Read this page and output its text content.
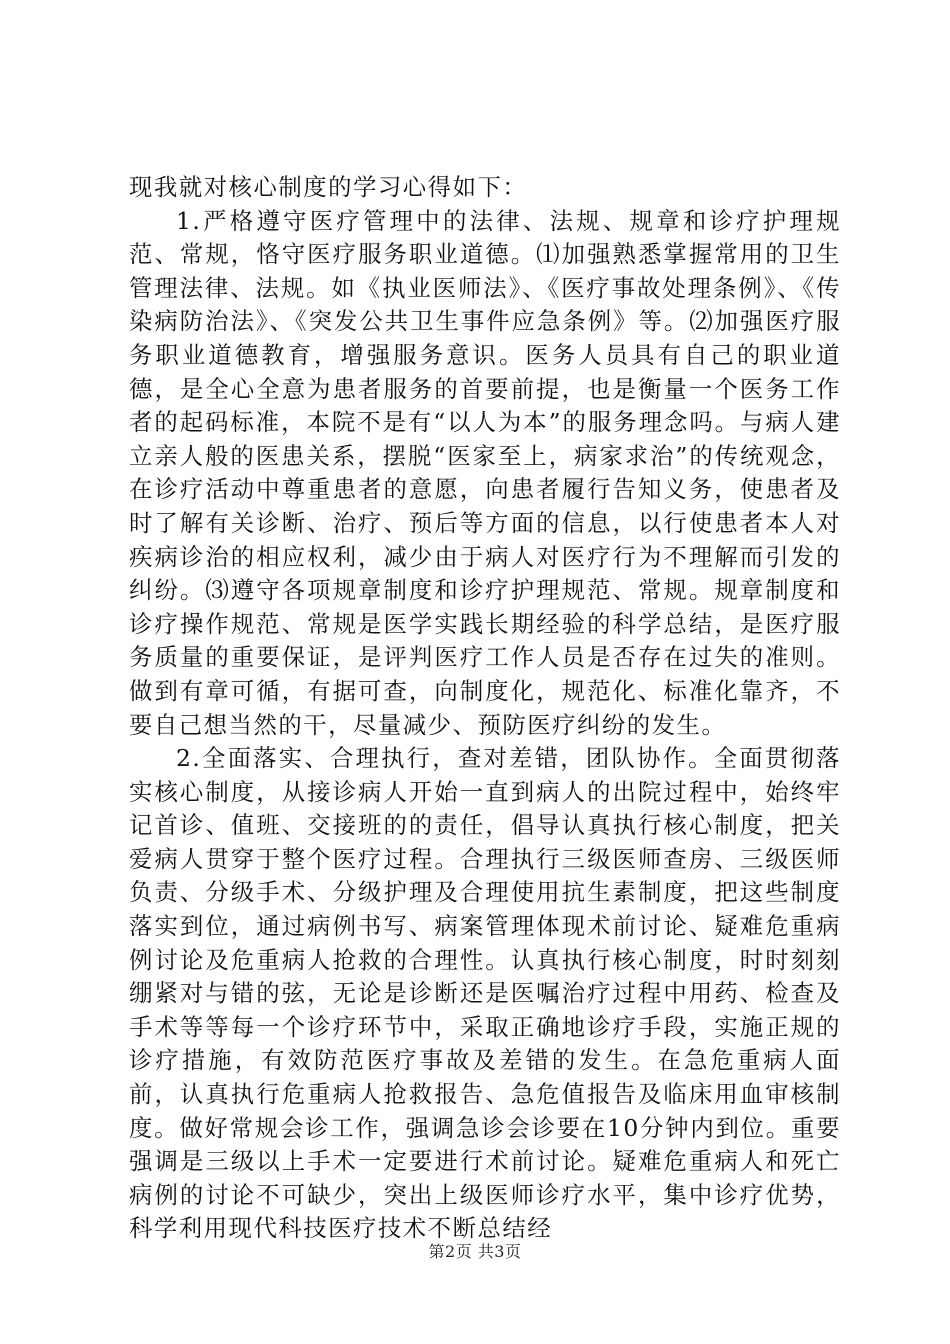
现我就对核心制度的学习心得如下：

1.严格遵守医疗管理中的法律、法规、规章和诊疗护理规范、常规，恪守医疗服务职业道德。⑴加强熟悉掌握常用的卫生管理法律、法规。如《执业医师法》、《医疗事故处理条例》、《传染病防治法》、《突发公共卫生事件应急条例》等。⑵加强医疗服务职业道德教育，增强服务意识。医务人员具有自己的职业道德，是全心全意为患者服务的首要前提，也是衡量一个医务工作者的起码标准，本院不是有“以人为本”的服务理念吗。与病人建立亲人般的医患关系，摆脱“医家至上，病家求治”的传统观念，在诊疗活动中尊重患者的意愿，向患者履行告知义务，使患者及时了解有关诊断、治疗、预后等方面的信息，以行使患者本人对疾病诊治的相应权利，减少由于病人对医疗行为不理解而引发的纠纷。⑶遵守各项规章制度和诊疗护理规范、常规。规章制度和诊疗操作规范、常规是医学实践长期经验的科学总结，是医疗服务质量的重要保证，是评判医疗工作人员是否存在过失的准则。做到有章可循，有据可查，向制度化，规范化、标准化靠齐，不要自己想当然的干，尽量减少、预防医疗纠纷的发生。

2.全面落实、合理执行，查对差错，团队协作。全面贯彻落实核心制度，从接诊病人开始一直到病人的出院过程中，始终牢记首诊、值班、交接班的的责任，倡导认真执行核心制度，把关爱病人贯穿于整个医疗过程。合理执行三级医师查房、三级医师负责、分级手术、分级护理及合理使用抗生素制度，把这些制度落实到位，通过病例书写、病案管理体现术前讨论、疑难危重病例讨论及危重病人抢救的合理性。认真执行核心制度，时时刻刻绷紧对与错的弦，无论是诊断还是医嘱治疗过程中用药、检查及手术等等每一个诊疗环节中，采取正确地诊疗手段，实施正规的诊疗措施，有效防范医疗事故及差错的发生。在急危重病人面前，认真执行危重病人抢救报告、急危值报告及临床用血审核制度。做好常规会诊工作，强调急诊会诊要在10分钟内到位。重要强调是三级以上手术一定要进行术前讨论。疑难危重病人和死亡病例的讨论不可缺少，突出上级医师诊疗水平，集中诊疗优势，科学利用现代科技医疗技术不断总结经

第2页 共3页
